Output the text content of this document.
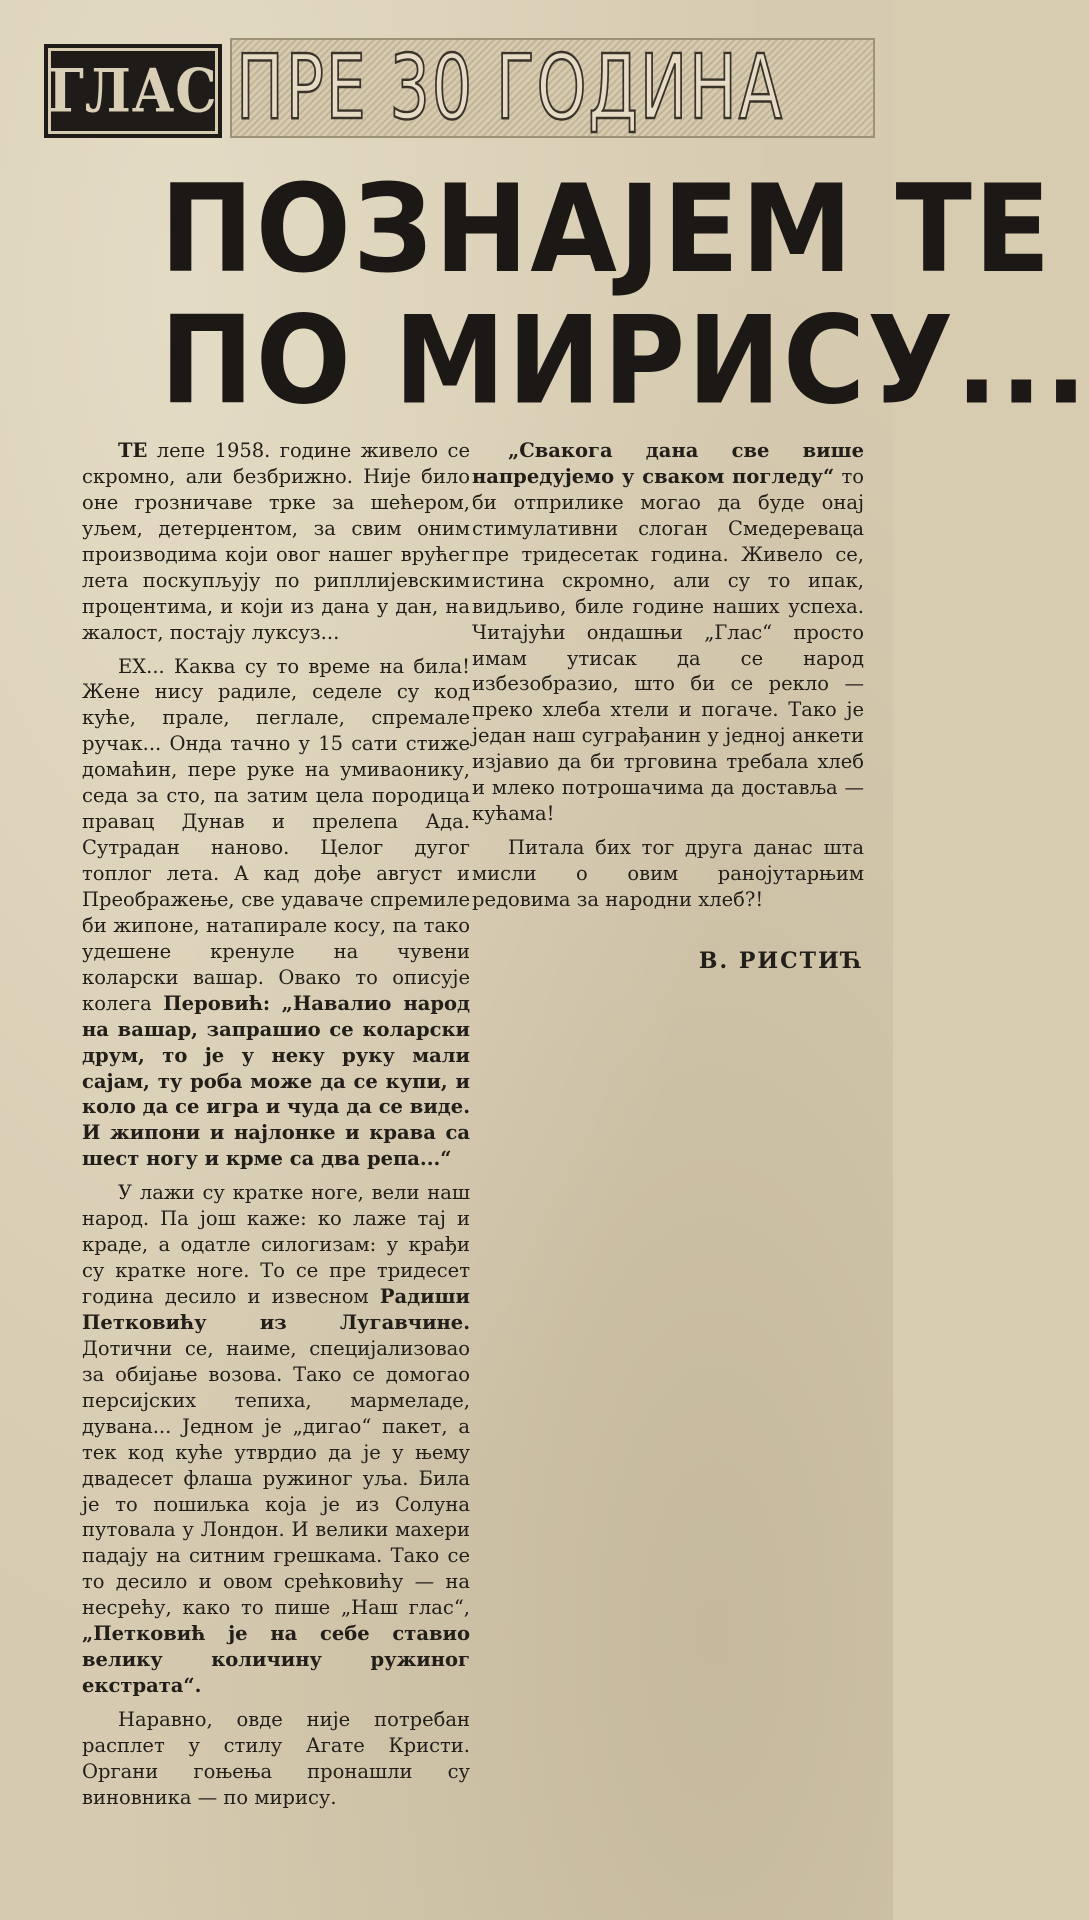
ГЛАС ПРЕ 30 ГОДИНА
ПОЗНАЈЕМ ТЕ
ПО МИРИСУ...

ТЕ лепе 1958. године живело се скромно, али безбрижно. Није било оне грозничаве трке за шећером, уљем, детерџентом, за свим оним производима који овог нашег врућег лета поскупљују по рипллијевским процентима, и који из дана у дан, на жалост, постају луксуз...

ЕХ... Каква су то време на била! Жене нису радиле, седеле су код куће, прале, пеглале, спремале ручак... Онда тачно у 15 сати стиже домаћин, пере руке на умиваонику, седа за сто, па затим цела породица правац Дунав и прелепа Ада. Сутрадан наново. Целог дугог топлог лета. А кад дође август и Преображење, све удаваче спремиле би жипоне, натапирале косу, па тако удешене кренуле на чувени коларски вашар. Овако то описује колега Перовић: „Навалио народ на вашар, запрашио се коларски друм, то је у неку руку мали сајам, ту роба може да се купи, и коло да се игра и чуда да се виде. И жипони и најлонке и крава са шест ногу и крме са два репа...“

У лажи су кратке ноге, вели наш народ. Па још каже: ко лаже тај и краде, а одатле силогизам: у крађи су кратке ноге. То се пре тридесет година десило и извесном Радиши Петковићу из Лугавчине. Дотични се, наиме, специјализовао за обијање возова. Тако се домогао персијских тепиха, мармеладе, дувана... Једном је „дигао“ пакет, а тек код куће утврдио да је у њему двадесет флаша ружиног уља. Била је то пошиљка која је из Солуна путовала у Лондон. И велики махери падају на ситним грешкама. Тако се то десило и овом срећковићу — на несрећу, како то пише „Наш глас“, „Петковић је на себе ставио велику количину ружиног екстрата“.

Наравно, овде није потребан расплет у стилу Агате Кристи. Органи гоњења пронашли су виновника — по мирису.

„Свакога дана све више напредујемо у сваком погледу“ то би отприлике могао да буде онај стимулативни слоган Смедереваца пре тридесетак година. Живело се, истина скромно, али су то ипак, видљиво, биле године наших успеха. Читајући ондашњи „Глас“ просто имам утисак да се народ избезобразио, што би се рекло — преко хлеба хтели и погаче. Тако је један наш суграђанин у једној анкети изјавио да би трговина требала хлеб и млеко потрошачима да доставља — кућама!

Питала бих тог друга данас шта мисли о овим ранојутарњим редовима за народни хлеб?!

В. РИСТИЋ
